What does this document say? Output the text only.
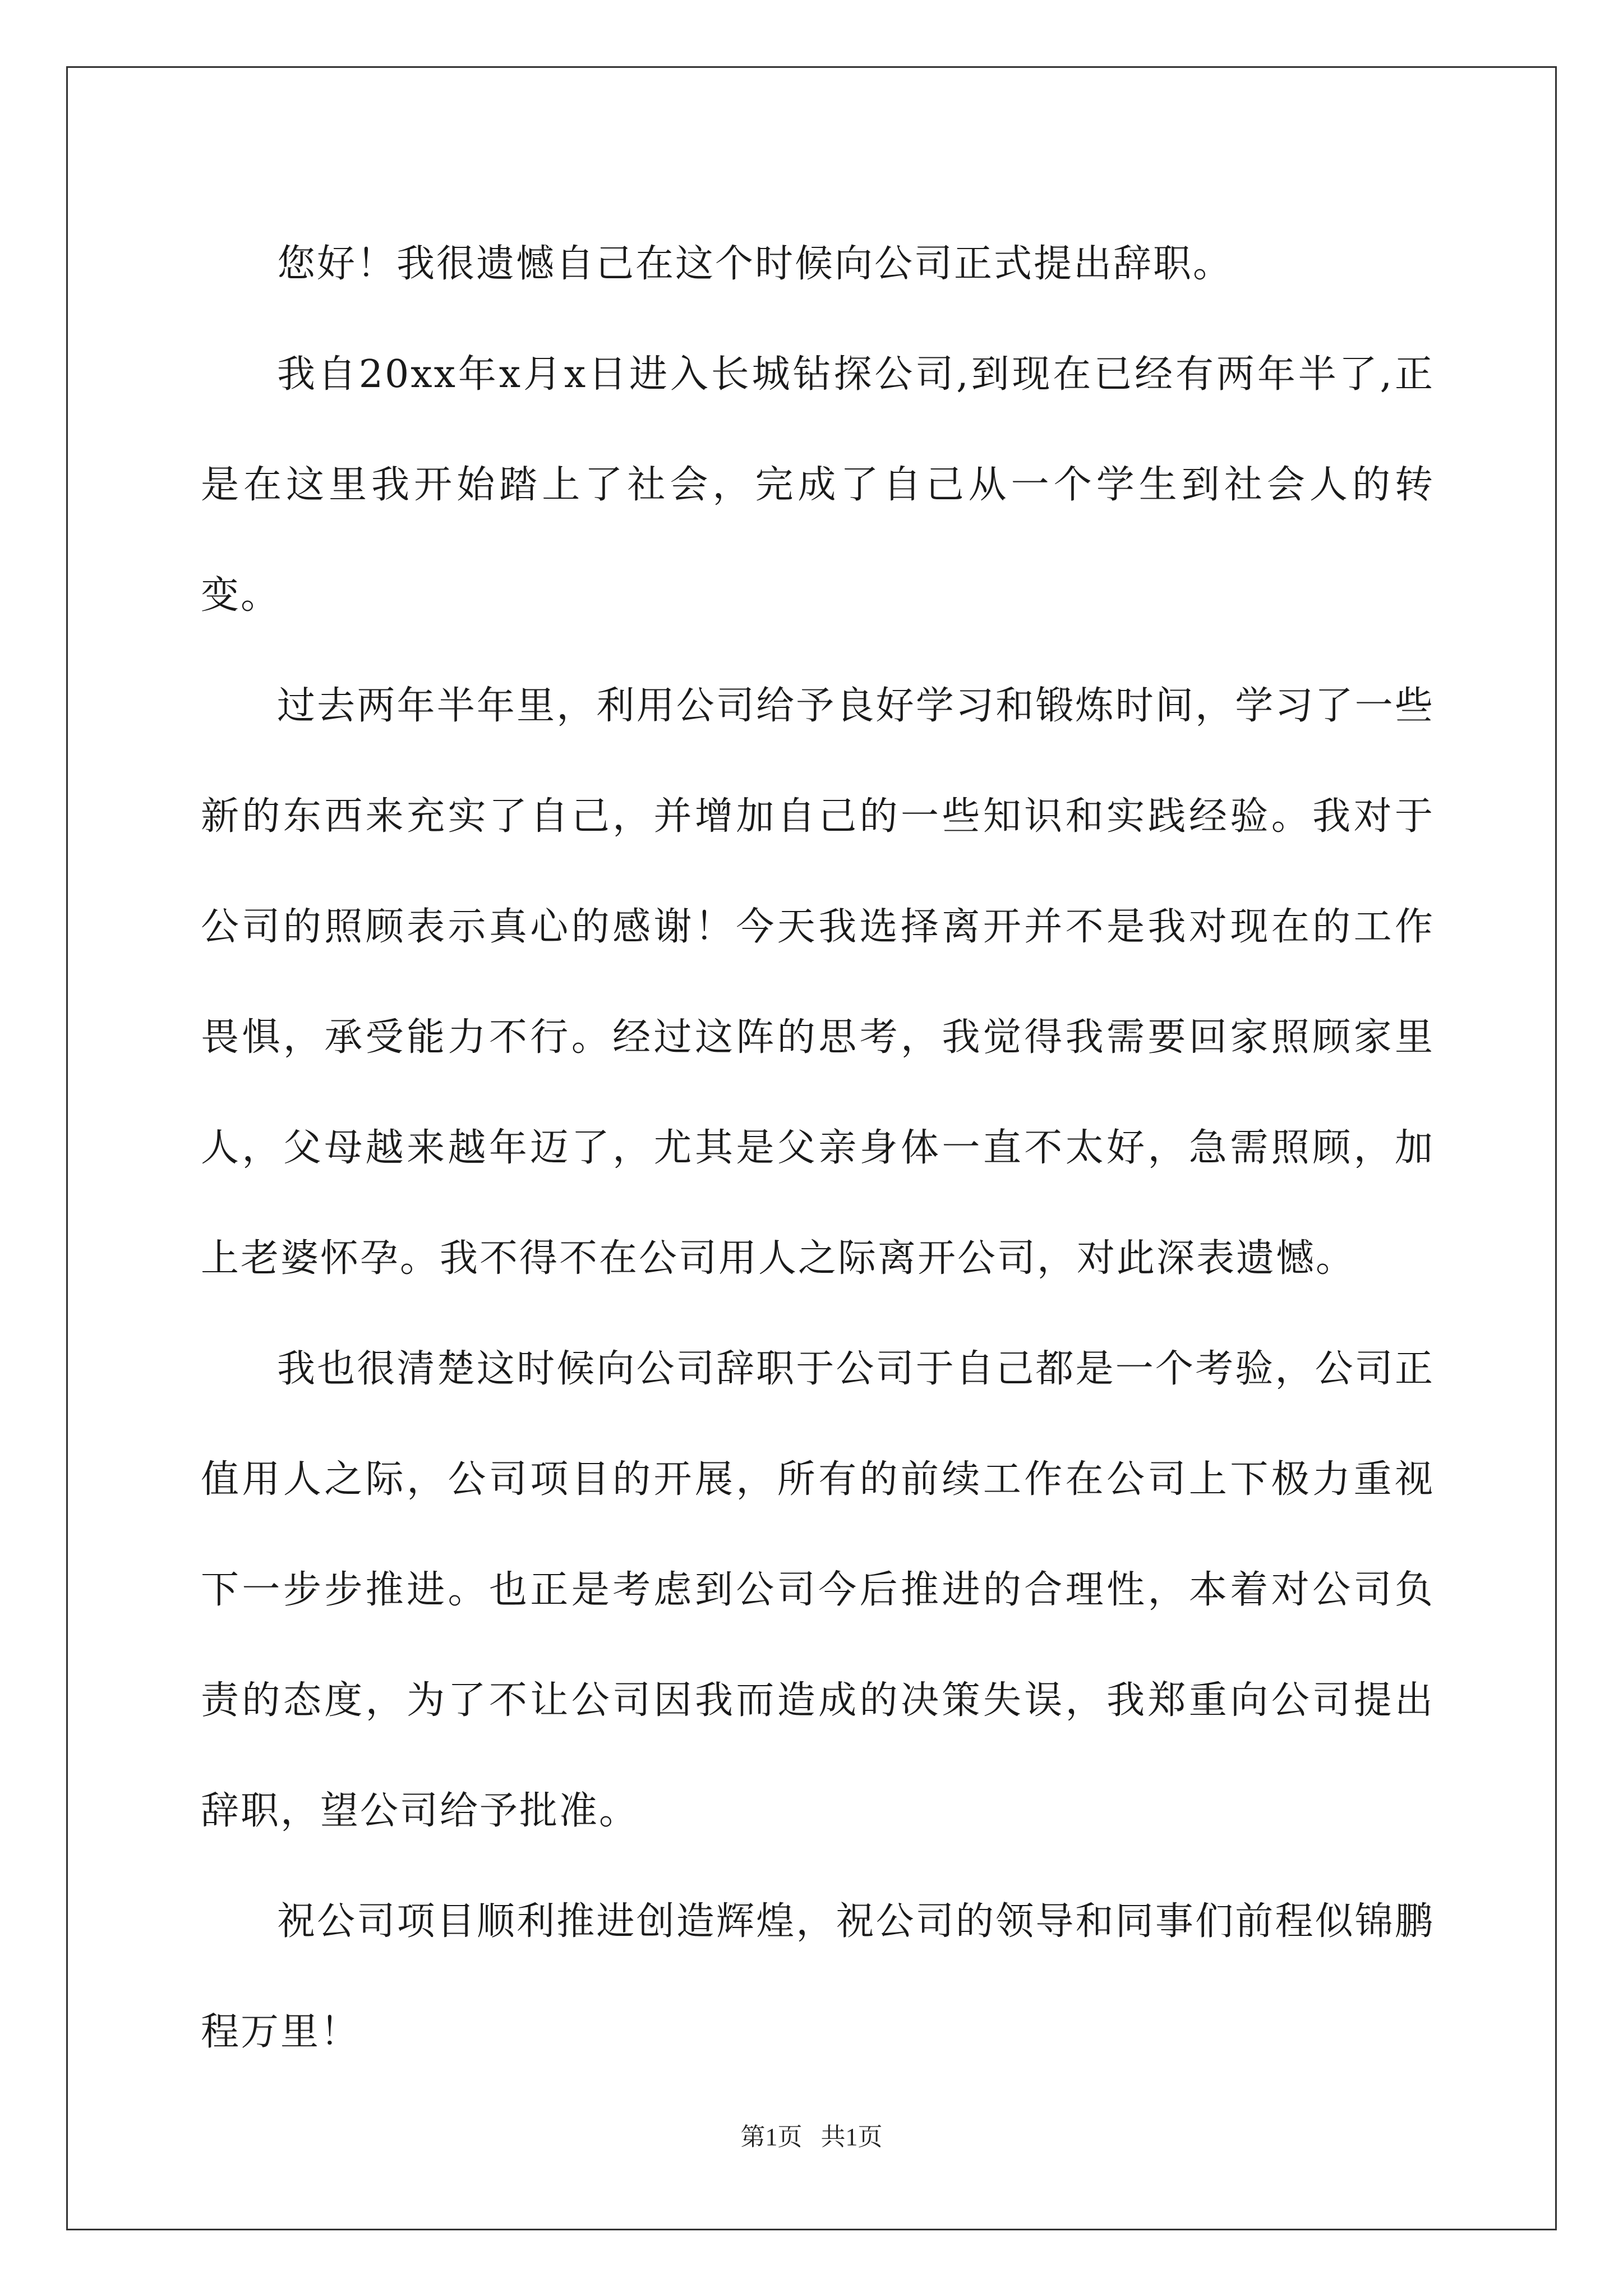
您好！我很遗憾自己在这个时候向公司正式提出辞职。

我自20xx年x月x日进入长城钻探公司,到现在已经有两年半了,正是在这里我开始踏上了社会，完成了自己从一个学生到社会人的转变。

过去两年半年里，利用公司给予良好学习和锻炼时间，学习了一些新的东西来充实了自己，并增加自己的一些知识和实践经验。我对于公司的照顾表示真心的感谢！今天我选择离开并不是我对现在的工作畏惧，承受能力不行。经过这阵的思考，我觉得我需要回家照顾家里人，父母越来越年迈了，尤其是父亲身体一直不太好，急需照顾，加上老婆怀孕。我不得不在公司用人之际离开公司，对此深表遗憾。

我也很清楚这时候向公司辞职于公司于自己都是一个考验，公司正值用人之际，公司项目的开展，所有的前续工作在公司上下极力重视下一步步推进。也正是考虑到公司今后推进的合理性，本着对公司负责的态度，为了不让公司因我而造成的决策失误，我郑重向公司提出辞职，望公司给予批准。

祝公司项目顺利推进创造辉煌，祝公司的领导和同事们前程似锦鹏程万里！

第1页 共1页
